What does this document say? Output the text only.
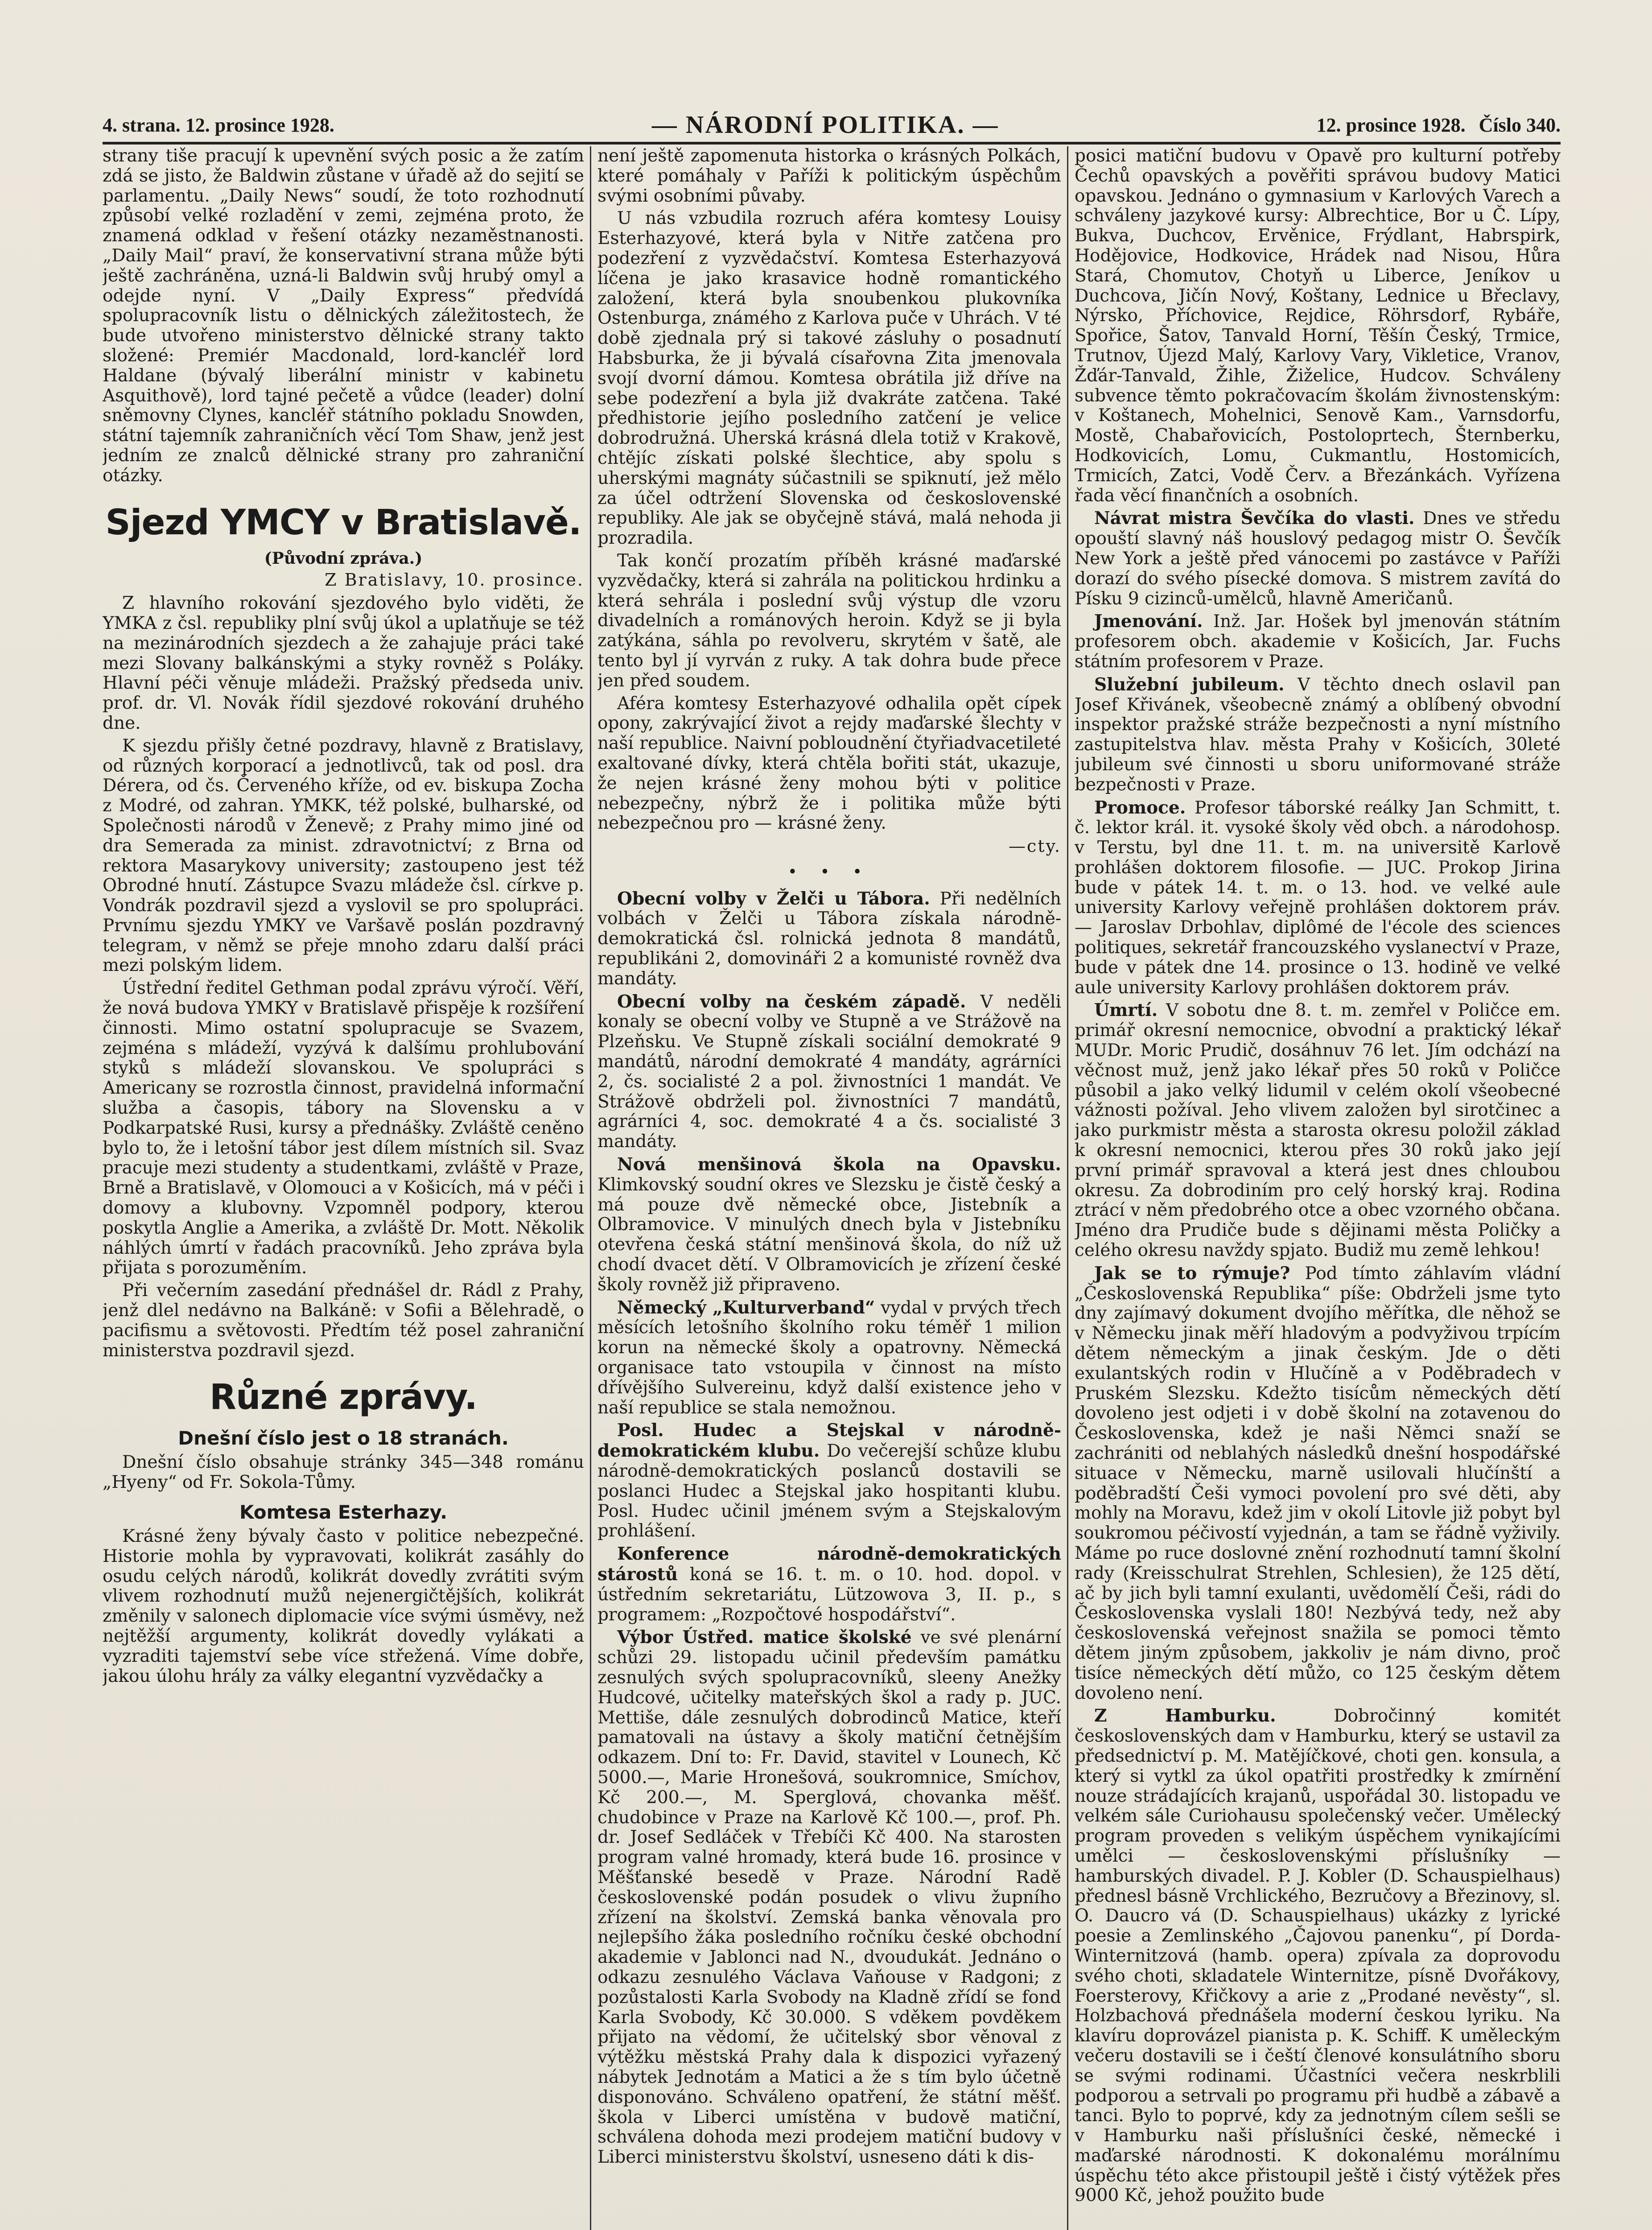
4. strana. 12. prosince 1928.	— NÁRODNÍ POLITIKA. —	12. prosince 1928. Číslo 340.

strany tiše pracují k upevnění svých posic a že zatím zdá se jisto, že Baldwin zůstane v úřadě až do sejití se parlamentu. „Daily News“ soudí, že toto rozhodnutí způsobí velké rozladění v zemi, zejména proto, že znamená odklad v řešení otázky nezaměstnanosti. „Daily Mail“ praví, že konservativní strana může býti ještě zachráněna, uzná-li Baldwin svůj hrubý omyl a odejde nyní. V „Daily Express“ předvídá spolupracovník listu o dělnických záležitostech, že bude utvořeno ministerstvo dělnické strany takto složené: Premiér Macdonald, lord-kancléř lord Haldane (bývalý liberální ministr v kabinetu Asquithově), lord tajné pečetě a vůdce (leader) dolní sněmovny Clynes, kancléř státního pokladu Snowden, státní tajemník zahraničních věcí Tom Shaw, jenž jest jedním ze znalců dělnické strany pro zahraniční otázky.

Sjezd YMCY v Bratislavě.
(Původní zpráva.)
Z Bratislavy, 10. prosince.

Z hlavního rokování sjezdového bylo viděti, že YMKA z čsl. republiky plní svůj úkol a uplatňuje se též na mezinárodních sjezdech a že zahajuje práci také mezi Slovany balkánskými a styky rovněž s Poláky. Hlavní péči věnuje mládeži. Pražský předseda univ. prof. dr. Vl. Novák řídil sjezdové rokování druhého dne.

K sjezdu přišly četné pozdravy, hlavně z Bratislavy, od různých korporací a jednotlivců, tak od posl. dra Dérera, od čs. Červeného kříže, od ev. biskupa Zocha z Modré, od zahran. YMKK, též polské, bulharské, od Společnosti národů v Ženevě; z Prahy mimo jiné od dra Semerada za minist. zdravotnictví; z Brna od rektora Masarykovy university; zastoupeno jest též Obrodné hnutí. Zástupce Svazu mládeže čsl. církve p. Vondrák pozdravil sjezd a vyslovil se pro spolupráci. Prvnímu sjezdu YMKY ve Varšavě poslán pozdravný telegram, v němž se přeje mnoho zdaru další práci mezi polským lidem.

Ústřední ředitel Gethman podal zprávu výročí. Věří, že nová budova YMKY v Bratislavě přispěje k rozšíření činnosti. Mimo ostatní spolupracuje se Svazem, zejména s mládeží, vyzývá k dalšímu prohlubování styků s mládeží slovanskou. Ve spolupráci s Americany se rozrostla činnost, pravidelná informační služba a časopis, tábory na Slovensku a v Podkarpatské Rusi, kursy a přednášky. Zvláště ceněno bylo to, že i letošní tábor jest dílem místních sil. Svaz pracuje mezi studenty a studentkami, zvláště v Praze, Brně a Bratislavě, v Olomouci a v Košicích, má v péči i domovy a klubovny. Vzpomněl podpory, kterou poskytla Anglie a Amerika, a zvláště Dr. Mott. Několik náhlých úmrtí v řadách pracovníků. Jeho zpráva byla přijata s porozuměním.

Při večerním zasedání přednášel dr. Rádl z Prahy, jenž dlel nedávno na Balkáně: v Sofii a Bělehradě, o pacifismu a světovosti. Předtím též posel zahraniční ministerstva pozdravil sjezd.

Různé zprávy.
Dnešní číslo jest o 18 stranách.

Dnešní číslo obsahuje stránky 345—348 románu „Hyeny“ od Fr. Sokola-Tůmy.

Komtesa Esterhazy.

Krásné ženy bývaly často v politice nebezpečné. Historie mohla by vypravovati, kolikrát zasáhly do osudu celých národů, kolikrát dovedly zvrátiti svým vlivem rozhodnutí mužů nejenergičtějších, kolikrát změnily v salonech diplomacie více svými úsměvy, než nejtěžší argumenty, kolikrát dovedly vylákati a vyzraditi tajemství sebe více střežená. Víme dobře, jakou úlohu hrály za války elegantní vyzvědačky a

není ještě zapomenuta historka o krásných Polkách, které pomáhaly v Paříži k politickým úspěchům svými osobními půvaby.

U nás vzbudila rozruch aféra komtesy Louisy Esterhazyové, která byla v Nitře zatčena pro podezření z vyzvědačství. Komtesa Esterhazyová líčena je jako krasavice hodně romantického založení, která byla snoubenkou plukovníka Ostenburga, známého z Karlova puče v Uhrách. V té době zjednala prý si takové zásluhy o posadnutí Habsburka, že ji bývalá císařovna Zita jmenovala svojí dvorní dámou. Komtesa obrátila již dříve na sebe podezření a byla již dvakráte zatčena. Také předhistorie jejího posledního zatčení je velice dobrodružná. Uherská krásná dlela totiž v Krakově, chtějíc získati polské šlechtice, aby spolu s uherskými magnáty súčastnili se spiknutí, jež mělo za účel odtržení Slovenska od československé republiky. Ale jak se obyčejně stává, malá nehoda ji prozradila.

Tak končí prozatím příběh krásné maďarské vyzvědačky, která si zahrála na politickou hrdinku a která sehrála i poslední svůj výstup dle vzoru divadelních a románových heroin. Když se ji byla zatýkána, sáhla po revolveru, skrytém v šatě, ale tento byl jí vyrván z ruky. A tak dohra bude přece jen před soudem.

Aféra komtesy Esterhazyové odhalila opět cípek opony, zakrývající život a rejdy maďarské šlechty v naší republice. Naivní pobloudnění čtyřiadvacetileté exaltované dívky, která chtěla bořiti stát, ukazuje, že nejen krásné ženy mohou býti v politice nebezpečny, nýbrž že i politika může býti nebezpečnou pro — krásné ženy.

—cty.
• • •

Obecní volby v Želči u Tábora. Při nedělních volbách v Želči u Tábora získala národně-demokratická čsl. rolnická jednota 8 mandátů, republikáni 2, domovináři 2 a komunisté rovněž dva mandáty.

Obecní volby na českém západě. V neděli konaly se obecní volby ve Stupně a ve Strážově na Plzeňsku. Ve Stupně získali sociální demokraté 9 mandátů, národní demokraté 4 mandáty, agrárníci 2, čs. socialisté 2 a pol. živnostníci 1 mandát. Ve Strážově obdrželi pol. živnostníci 7 mandátů, agrárníci 4, soc. demokraté 4 a čs. socialisté 3 mandáty.

Nová menšinová škola na Opavsku. Klimkovský soudní okres ve Slezsku je čistě český a má pouze dvě německé obce, Jistebník a Olbramovice. V minulých dnech byla v Jistebníku otevřena česká státní menšinová škola, do níž už chodí dvacet dětí. V Olbramovicích je zřízení české školy rovněž již připraveno.

Německý „Kulturverband“ vydal v prvých třech měsících letošního školního roku téměř 1 milion korun na německé školy a opatrovny. Německá organisace tato vstoupila v činnost na místo dřívějšího Sulvereinu, když další existence jeho v naší republice se stala nemožnou.

Posl. Hudec a Stejskal v národně-demokratickém klubu. Do večerejší schůze klubu národně-demokratických poslanců dostavili se poslanci Hudec a Stejskal jako hospitanti klubu. Posl. Hudec učinil jménem svým a Stejskalovým prohlášení.

Konference národně-demokratických stárostů koná se 16. t. m. o 10. hod. dopol. v ústředním sekretariátu, Lützowova 3, II. p., s programem: „Rozpočtové hospodářství“.

Výbor Ústřed. matice školské ve své plenární schůzi 29. listopadu učinil především památku zesnulých svých spolupracovníků, sleeny Anežky Hudcové, učitelky mateřských škol a rady p. JUC. Mettiše, dále zesnulých dobrodinců Matice, kteří pamatovali na ústavy a školy matiční četnějším odkazem. Dní to: Fr. David, stavitel v Lounech, Kč 5000.—, Marie Hronešová, soukromnice, Smíchov, Kč 200.—, M. Sperglová, chovanka měšť. chudobince v Praze na Karlově Kč 100.—, prof. Ph. dr. Josef Sedláček v Třebíči Kč 400. Na starosten program valné hromady, která bude 16. prosince v Měšťanské besedě v Praze. Národní Radě československé podán posudek o vlivu župního zřízení na školství. Zemská banka věnovala pro nejlepšího žáka posledního ročníku české obchodní akademie v Jablonci nad N., dvoudukát. Jednáno o odkazu zesnulého Václava Vaňouse v Radgoni; z pozůstalosti Karla Svobody na Kladně zřídí se fond Karla Svobody, Kč 30.000. S vděkem povděkem přijato na vědomí, že učitelský sbor věnoval z výtěžku městská Prahy dala k dispozici vyřazený nábytek Jednotám a Matici a že s tím bylo účetně disponováno. Schváleno opatření, že státní měšť. škola v Liberci umístěna v budově matiční, schválena dohoda mezi prodejem matiční budovy v Liberci ministerstvu školství, usneseno dáti k dis-

posici matiční budovu v Opavě pro kulturní potřeby Čechů opavských a pověřiti správou budovy Matici opavskou. Jednáno o gymnasium v Karlových Varech a schváleny jazykové kursy: Albrechtice, Bor u Č. Lípy, Bukva, Duchcov, Ervěnice, Frýdlant, Habrspirk, Hodějovice, Hodkovice, Hrádek nad Nisou, Hůra Stará, Chomutov, Chotyň u Liberce, Jeníkov u Duchcova, Jičín Nový, Koštany, Lednice u Břeclavy, Nýrsko, Příchovice, Rejdice, Röhrsdorf, Rybáře, Spořice, Šatov, Tanvald Horní, Těšín Český, Trmice, Trutnov, Újezd Malý, Karlovy Vary, Vikletice, Vranov, Žďár-Tanvald, Žihle, Žiželice, Hudcov. Schváleny subvence těmto pokračovacím školám živnostenským: v Koštanech, Mohelnici, Senově Kam., Varnsdorfu, Mostě, Chabařovicích, Postoloprtech, Šternberku, Hodkovicích, Lomu, Cukmantlu, Hostomicích, Trmicích, Zatci, Vodě Červ. a Březánkách. Vyřízena řada věcí finančních a osobních.

Návrat mistra Ševčíka do vlasti. Dnes ve středu opouští slavný náš houslový pedagog mistr O. Ševčík New York a ještě před vánocemi po zastávce v Paříži dorazí do svého písecké domova. S mistrem zavítá do Písku 9 cizinců-umělců, hlavně Američanů.

Jmenování. Inž. Jar. Hošek byl jmenován státním profesorem obch. akademie v Košicích, Jar. Fuchs státním profesorem v Praze.

Služební jubileum. V těchto dnech oslavil pan Josef Křivánek, všeobecně známý a oblíbený obvodní inspektor pražské stráže bezpečnosti a nyní místního zastupitelstva hlav. města Prahy v Košicích, 30leté jubileum své činnosti u sboru uniformované stráže bezpečnosti v Praze.

Promoce. Profesor táborské reálky Jan Schmitt, t. č. lektor král. it. vysoké školy věd obch. a národohosp. v Terstu, byl dne 11. t. m. na universitě Karlově prohlášen doktorem filosofie. — JUC. Prokop Jirina bude v pátek 14. t. m. o 13. hod. ve velké aule university Karlovy veřejně prohlášen doktorem práv. — Jaroslav Drbohlav, diplômé de l'école des sciences politiques, sekretář francouzského vyslanectví v Praze, bude v pátek dne 14. prosince o 13. hodině ve velké aule university Karlovy prohlášen doktorem práv.

Úmrtí. V sobotu dne 8. t. m. zemřel v Poličce em. primář okresní nemocnice, obvodní a praktický lékař MUDr. Moric Prudič, dosáhnuv 76 let. Jím odchází na věčnost muž, jenž jako lékař přes 50 roků v Poličce působil a jako velký lidumil v celém okolí všeobecné vážnosti požíval. Jeho vlivem založen byl sirotčinec a jako purkmistr města a starosta okresu položil základ k okresní nemocnici, kterou přes 30 roků jako její první primář spravoval a která jest dnes chloubou okresu. Za dobrodiním pro celý horský kraj. Rodina ztrácí v něm předobrého otce a obec vzorného občana. Jméno dra Prudiče bude s dějinami města Poličky a celého okresu navždy spjato. Budiž mu země lehkou!

Jak se to rýmuje? Pod tímto záhlavím vládní „Československá Republika“ píše: Obdrželi jsme tyto dny zajímavý dokument dvojího měřítka, dle něhož se v Německu jinak měří hladovým a podvyživou trpícím dětem německým a jinak českým. Jde o děti exulantských rodin v Hlučíně a v Poděbradech v Pruském Slezsku. Kdežto tisícům německých dětí dovoleno jest odjeti i v době školní na zotavenou do Československa, kdež je naši Němci snaží se zachrániti od neblahých následků dnešní hospodářské situace v Německu, marně usilovali hlučínští a poděbradští Češi vymoci povolení pro své děti, aby mohly na Moravu, kdež jim v okolí Litovle již pobyt byl soukromou péčivostí vyjednán, a tam se řádně vyživily. Máme po ruce doslovné znění rozhodnutí tamní školní rady (Kreisschulrat Strehlen, Schlesien), že 125 dětí, ač by jich byli tamní exulanti, uvědomělí Češi, rádi do Československa vyslali 180! Nezbývá tedy, než aby československá veřejnost snažila se pomoci těmto dětem jiným způsobem, jakkoliv je nám divno, proč tisíce německých dětí můžo, co 125 českým dětem dovoleno není.

Z Hamburku.	Dobročinný komitét československých dam v Hamburku, který se ustavil za předsednictví p. M. Matějíčkové, choti gen. konsula, a který si vytkl za úkol opatřiti prostředky k zmírnění nouze strádajících krajanů, uspořádal 30. listopadu ve velkém sále Curiohausu společenský večer. Umělecký program proveden s velikým úspěchem vynikajícími umělci — československými příslušníky — hamburských divadel. P. J. Kobler (D. Schauspielhaus) přednesl básně Vrchlického, Bezručovy a Březinovy, sl. O. Daucro vá (D. Schauspielhaus) ukázky z lyrické poesie a Zemlinského „Čajovou panenku“, pí Dorda-Winternitzová (hamb. opera) zpívala za doprovodu svého choti, skladatele Winternitze, písně Dvořákovy, Foersterovy, Křičkovy a arie z „Prodané nevěsty“, sl. Holzbachová přednášela moderní českou lyriku. Na klavíru doprovázel pianista p. K. Schiff. K uměleckým večeru dostavili se i čeští členové konsulátního sboru se svými rodinami. Účastníci večera neskrblili podporou a setrvali po programu při hudbě a zábavě a tanci. Bylo to poprvé, kdy za jednotným cílem sešli se v Hamburku naši příslušníci české, německé i maďarské národnosti. K dokonalému morálnímu úspěchu této akce přistoupil ještě i čistý výtěžek přes 9000 Kč, jehož použito bude
